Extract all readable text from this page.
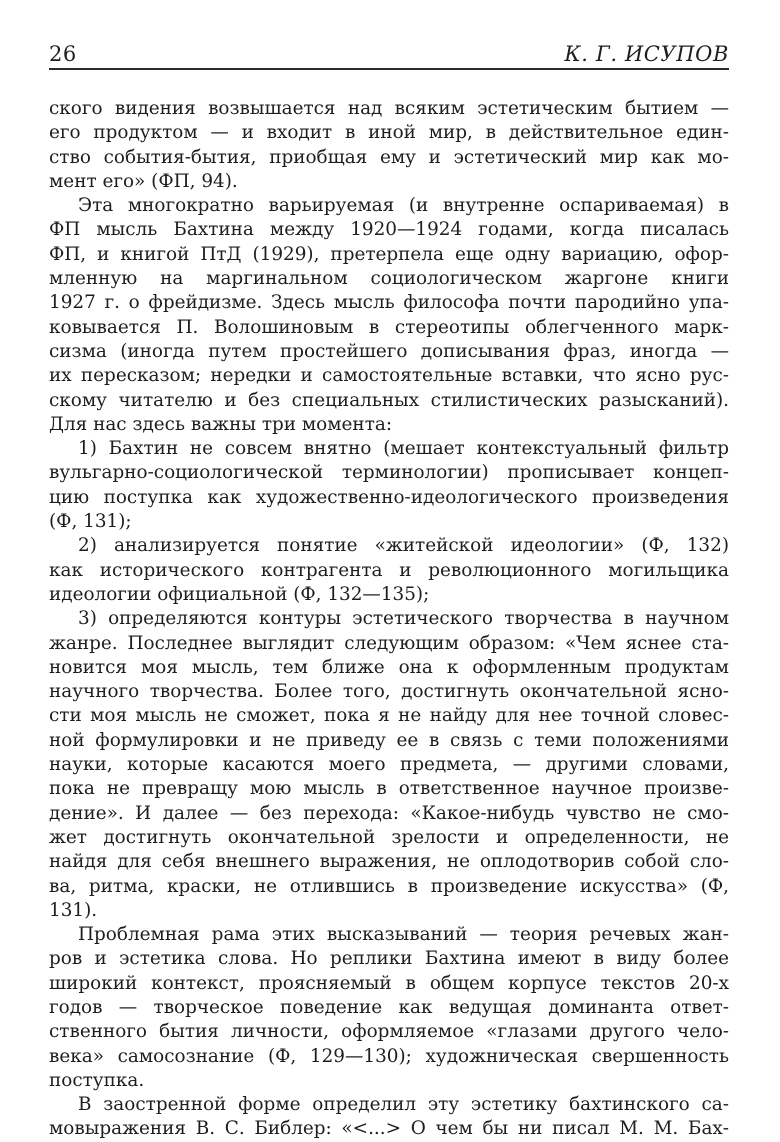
26	К. Г. ИСУПОВ
ского видения возвышается над всяким эстетическим бытием —
его продуктом — и входит в иной мир, в действительное един-
ство события-бытия, приобщая ему и эстетический мир как мо-
мент его» (ФП, 94).
Эта многократно варьируемая (и внутренне оспариваемая) в
ФП мысль Бахтина между 1920—1924 годами, когда писалась
ФП, и книгой ПтД (1929), претерпела еще одну вариацию, офор-
мленную на маргинальном социологическом жаргоне книги
1927 г. о фрейдизме. Здесь мысль философа почти пародийно упа-
ковывается П. Волошиновым в стереотипы облегченного марк-
сизма (иногда путем простейшего дописывания фраз, иногда —
их пересказом; нередки и самостоятельные вставки, что ясно рус-
скому читателю и без специальных стилистических разысканий).
Для нас здесь важны три момента:
1) Бахтин не совсем внятно (мешает контекстуальный фильтр
вульгарно-социологической терминологии) прописывает концеп-
цию поступка как художественно-идеологического произведения
(Ф, 131);
2) анализируется понятие «житейской идеологии» (Ф, 132)
как исторического контрагента и революционного могильщика
идеологии официальной (Ф, 132—135);
3) определяются контуры эстетического творчества в научном
жанре. Последнее выглядит следующим образом: «Чем яснее ста-
новится моя мысль, тем ближе она к оформленным продуктам
научного творчества. Более того, достигнуть окончательной ясно-
сти моя мысль не сможет, пока я не найду для нее точной словес-
ной формулировки и не приведу ее в связь с теми положениями
науки, которые касаются моего предмета, — другими словами,
пока не превращу мою мысль в ответственное научное произве-
дение». И далее — без перехода: «Какое-нибудь чувство не смо-
жет достигнуть окончательной зрелости и определенности, не
найдя для себя внешнего выражения, не оплодотворив собой сло-
ва, ритма, краски, не отлившись в произведение искусства» (Ф,
131).
Проблемная рама этих высказываний — теория речевых жан-
ров и эстетика слова. Но реплики Бахтина имеют в виду более
широкий контекст, проясняемый в общем корпусе текстов 20-х
годов — творческое поведение как ведущая доминанта ответ-
ственного бытия личности, оформляемое «глазами другого чело-
века» самосознание (Ф, 129—130); художническая свершенность
поступка.
В заостренной форме определил эту эстетику бахтинского са-
мовыражения В. С. Библер: «<...> О чем бы ни писал М. М. Бах-
